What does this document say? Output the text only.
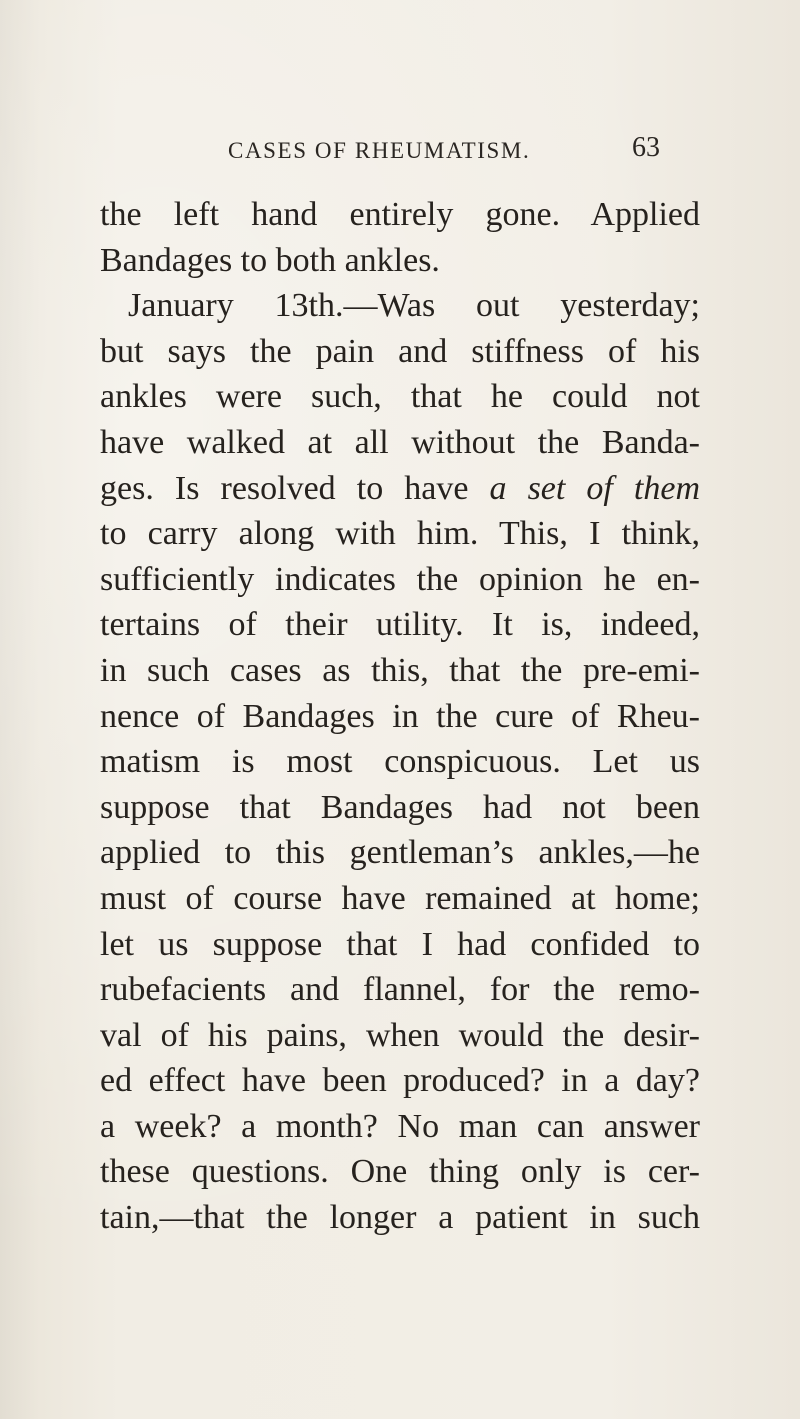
CASES OF RHEUMATISM.	63
the left hand entirely gone. Applied
Bandages to both ankles.
January 13th.—Was out yesterday;
but says the pain and stiffness of his
ankles were such, that he could not
have walked at all without the Banda-
ges. Is resolved to have a set of them
to carry along with him. This, I think,
sufficiently indicates the opinion he en-
tertains of their utility. It is, indeed,
in such cases as this, that the pre-emi-
nence of Bandages in the cure of Rheu-
matism is most conspicuous. Let us
suppose that Bandages had not been
applied to this gentleman’s ankles,—he
must of course have remained at home;
let us suppose that I had confided to
rubefacients and flannel, for the remo-
val of his pains, when would the desir-
ed effect have been produced? in a day?
a week? a month? No man can answer
these questions. One thing only is cer-
tain,—that the longer a patient in such
